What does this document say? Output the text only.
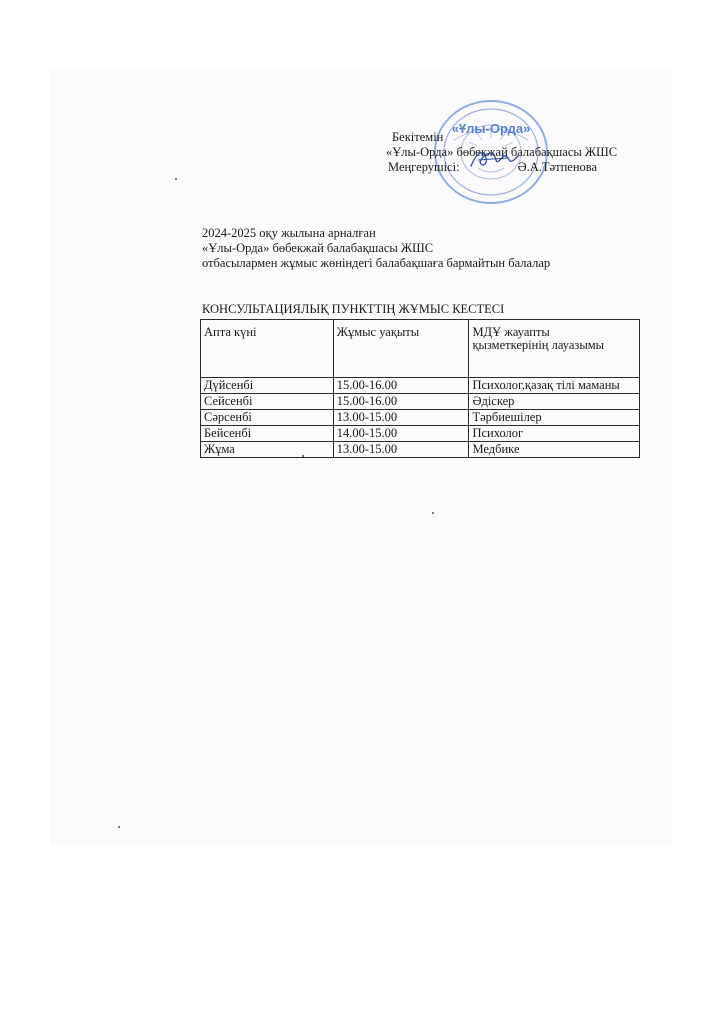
«Ұлы-Орда»
∙∙∙∙∙∙∙∙∙∙∙∙∙∙∙∙∙∙∙∙∙∙∙∙∙∙∙∙∙∙∙
∙∙∙∙∙∙∙∙∙∙∙∙∙∙∙∙∙∙∙∙∙∙∙∙∙∙∙∙∙∙∙
Бекітемін
«Ұлы-Орда» бөбекжай балабақшасы ЖШС
Меңгерушісі:	Ә.А.Тәтпенова
2024-2025 оқу жылына арналған
«Ұлы-Орда» бөбекжай балабақшасы ЖШС
отбасылармен жұмыс жөніндегі балабақшаға бармайтын балалар
КОНСУЛЬТАЦИЯЛЫҚ ПУНКТТІҢ ЖҰМЫС КЕСТЕСІ
Апта күні	Жұмыс уақыты	МДҰ жауапты қызметкерінің лауазымы
Дүйсенбі	15.00-16.00	Психолог,қазақ тілі маманы
Сейсенбі	15.00-16.00	Әдіскер
Сәрсенбі	13.00-15.00	Тәрбиешілер
Бейсенбі	14.00-15.00	Психолог
Жұма	13.00-15.00	Медбике
